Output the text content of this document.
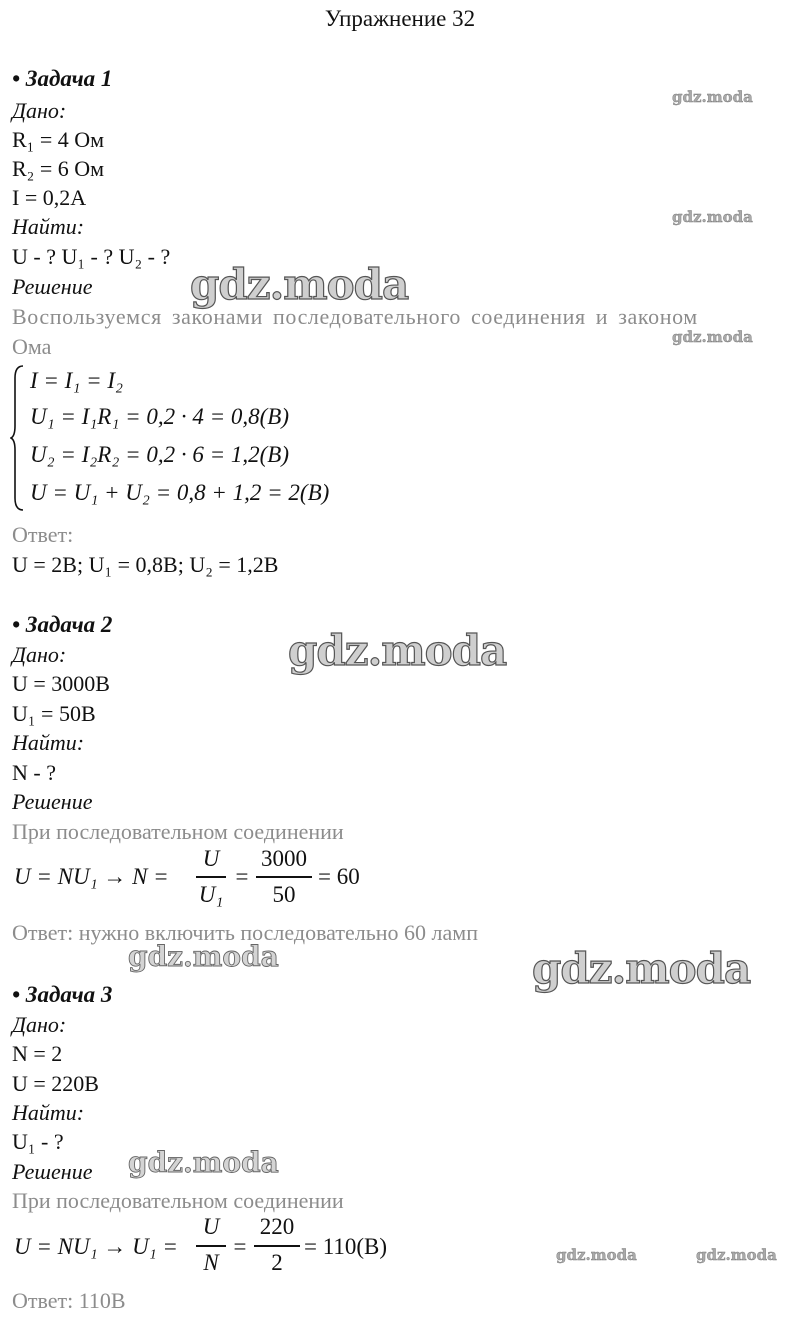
Упражнение 32
• Задача 1
Дано:
R₁ = 4 Ом
R₂ = 6 Ом
I = 0,2А
Найти:
U - ? U₁ - ? U₂ - ?
Решение
Воспользуемся законами последовательного соединения и законом
Ома
I = I₁ = I₂
U₁ = I₁R₁ = 0,2 · 4 = 0,8(В)
U₂ = I₂R₂ = 0,2 · 6 = 1,2(В)
U = U₁ + U₂ = 0,8 + 1,2 = 2(В)
Ответ:
U = 2В; U₁ = 0,8В; U₂ = 1,2В
• Задача 2
Дано:
U = 3000В
U₁ = 50В
Найти:
N - ?
Решение
При последовательном соединении
U = NU₁ → N =
U
U₁
=
3000
50
= 60
Ответ: нужно включить последовательно 60 ламп
• Задача 3
Дано:
N = 2
U = 220В
Найти:
U₁ - ?
Решение
При последовательном соединении
U = NU₁ → U₁ =
U
N
=
220
2
= 110(В)
Ответ: 110В
gdz.moda
gdz.moda
gdz.moda
gdz.moda
gdz.moda
gdz.moda	gdz.moda
gdz.moda
gdz.moda	gdz.moda
